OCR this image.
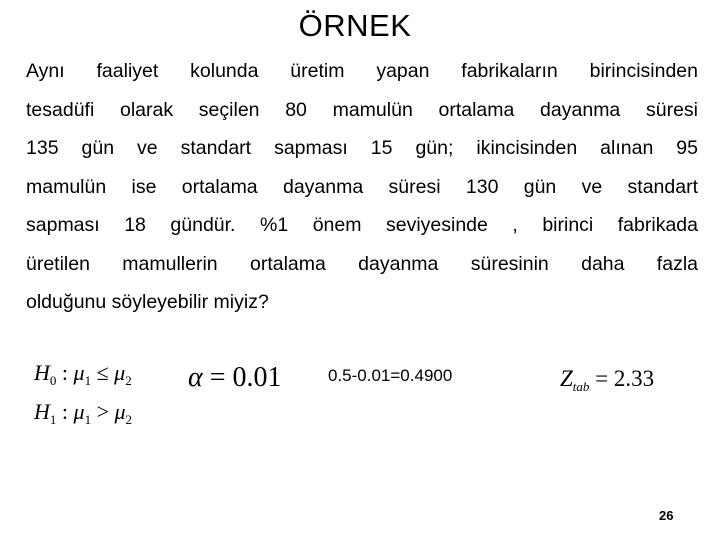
ÖRNEK
Aynı faaliyet kolunda üretim yapan fabrikaların birincisinden
tesadüfi olarak seçilen 80 mamulün ortalama dayanma süresi
135 gün ve standart sapması 15 gün; ikincisinden alınan 95
mamulün ise ortalama dayanma süresi 130 gün ve standart
sapması 18 gündür. %1 önem seviyesinde , birinci fabrikada
üretilen mamullerin ortalama dayanma süresinin daha fazla
olduğunu söyleyebilir miyiz?
$H_0$ : $\mu_1 \le \mu_2$
$H_1$ : $\mu_1 > \mu_2$
α = 0.01	0.5-0.01=0.4900	$Z_{tab} = 2.33$
26
